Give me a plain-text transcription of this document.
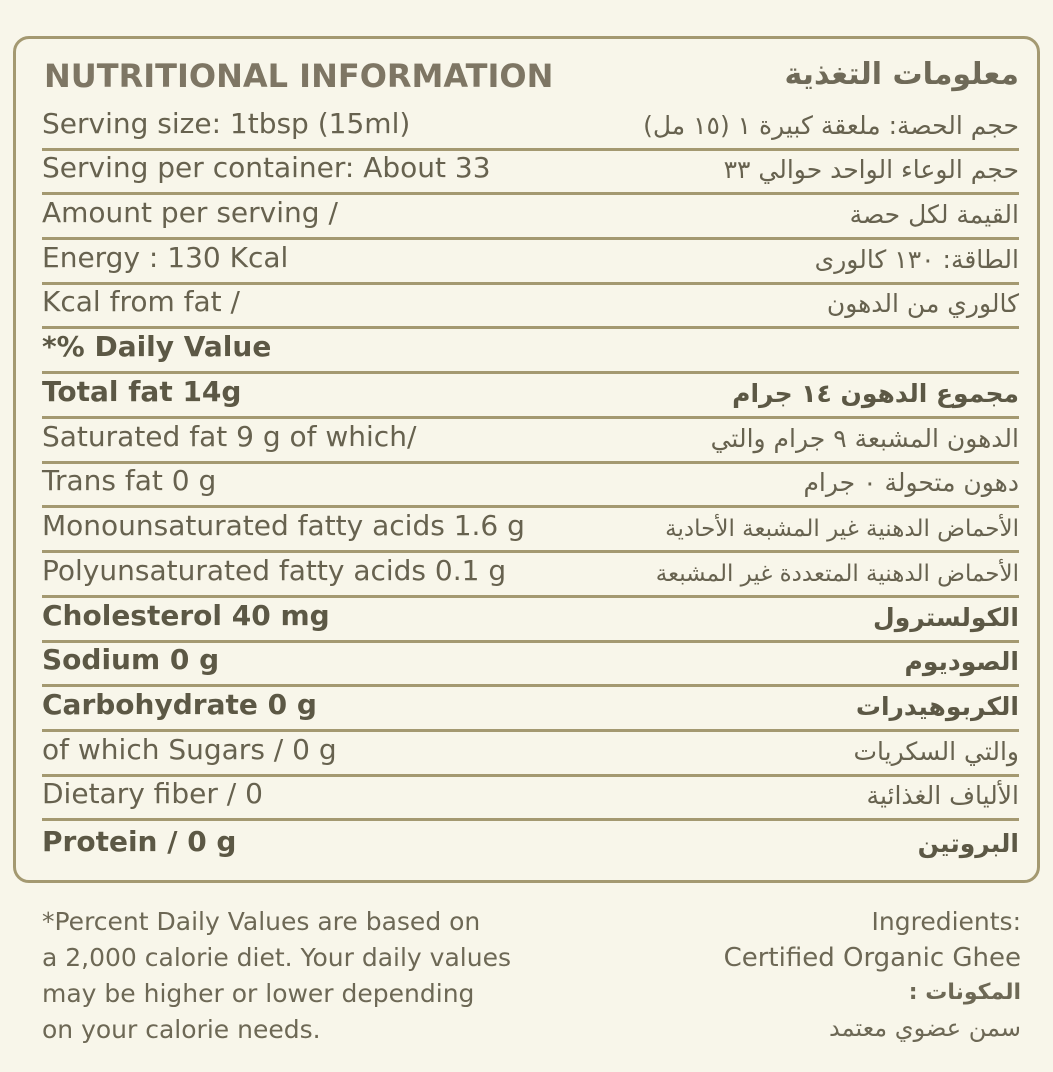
NUTRITIONAL INFORMATION	معلومات التغذية
Serving size: 1tbsp (15ml)	حجم الحصة: ملعقة كبيرة ١ (١٥ مل)
Serving per container: About 33	حجم الوعاء الواحد حوالي ٣٣
Amount per serving /	القيمة لكل حصة
Energy : 130 Kcal	الطاقة: ١٣٠ كالورى
Kcal from fat /	كالوري من الدهون
*% Daily Value
Total fat 14g	مجموع الدهون ١٤ جرام
Saturated fat 9 g of which/	الدهون المشبعة ٩ جرام والتي
Trans fat 0 g	دهون متحولة ٠ جرام
Monounsaturated fatty acids 1.6 g	الأحماض الدهنية غير المشبعة الأحادية
Polyunsaturated fatty acids 0.1 g	الأحماض الدهنية المتعددة غير المشبعة
Cholesterol 40 mg	الكولسترول
Sodium 0 g	الصوديوم
Carbohydrate 0 g	الكربوهيدرات
of which Sugars / 0 g	والتي السكريات
Dietary fiber / 0	الألياف الغذائية
Protein / 0 g	البروتين
*Percent Daily Values are based on
a 2,000 calorie diet. Your daily values
may be higher or lower depending
on your calorie needs.
Ingredients:
Certified Organic Ghee
المكونات :
سمن عضوي معتمد
